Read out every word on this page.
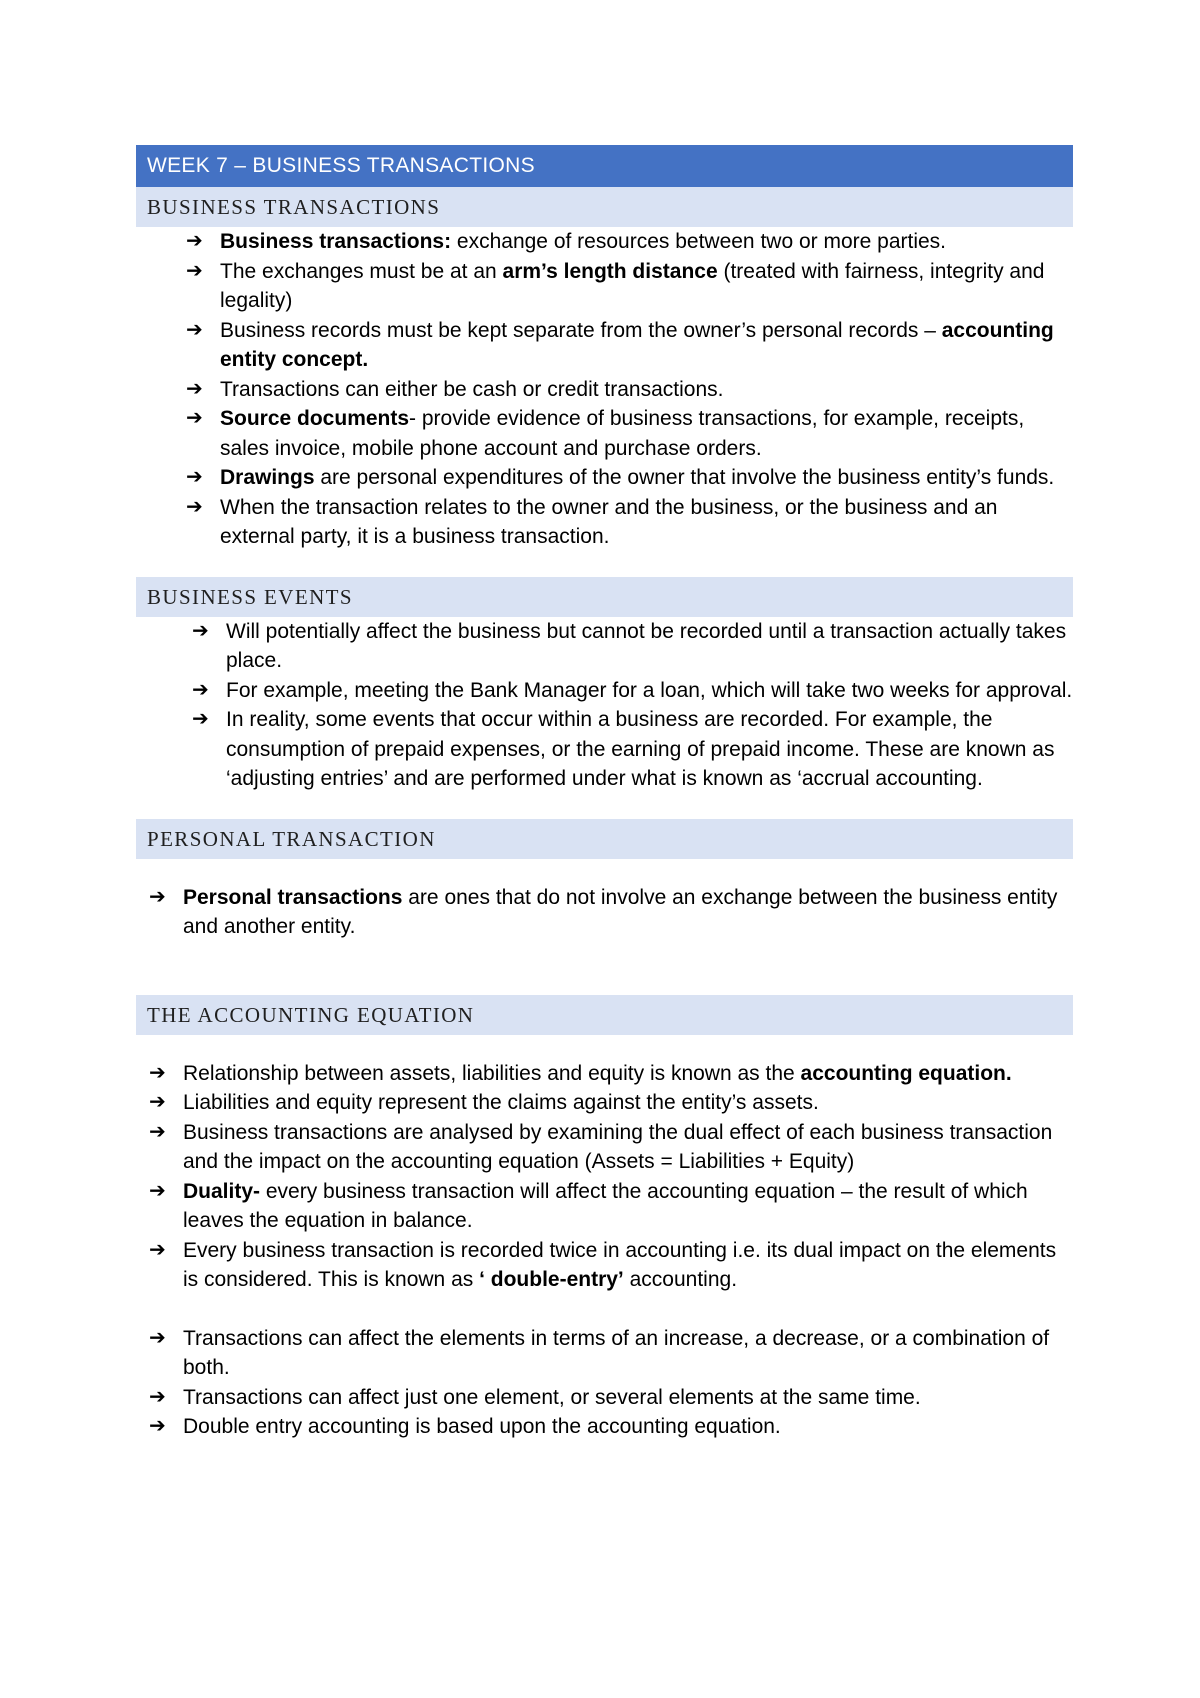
WEEK 7 – BUSINESS TRANSACTIONS
BUSINESS TRANSACTIONS
➔ Business transactions: exchange of resources between two or more parties.
➔ The exchanges must be at an arm’s length distance (treated with fairness, integrity and legality)
➔ Business records must be kept separate from the owner’s personal records – accounting entity concept.
➔ Transactions can either be cash or credit transactions.
➔ Source documents- provide evidence of business transactions, for example, receipts, sales invoice, mobile phone account and purchase orders.
➔ Drawings are personal expenditures of the owner that involve the business entity’s funds.
➔ When the transaction relates to the owner and the business, or the business and an external party, it is a business transaction.
BUSINESS EVENTS
➔ Will potentially affect the business but cannot be recorded until a transaction actually takes place.
➔ For example, meeting the Bank Manager for a loan, which will take two weeks for approval.
➔ In reality, some events that occur within a business are recorded. For example, the consumption of prepaid expenses, or the earning of prepaid income. These are known as ‘adjusting entries’ and are performed under what is known as ‘accrual accounting.
PERSONAL TRANSACTION
➔ Personal transactions are ones that do not involve an exchange between the business entity and another entity.
THE ACCOUNTING EQUATION
➔ Relationship between assets, liabilities and equity is known as the accounting equation.
➔ Liabilities and equity represent the claims against the entity’s assets.
➔ Business transactions are analysed by examining the dual effect of each business transaction and the impact on the accounting equation (Assets = Liabilities + Equity)
➔ Duality- every business transaction will affect the accounting equation – the result of which leaves the equation in balance.
➔ Every business transaction is recorded twice in accounting i.e. its dual impact on the elements is considered. This is known as ‘ double-entry’ accounting.
➔ Transactions can affect the elements in terms of an increase, a decrease, or a combination of both.
➔ Transactions can affect just one element, or several elements at the same time.
➔ Double entry accounting is based upon the accounting equation.
